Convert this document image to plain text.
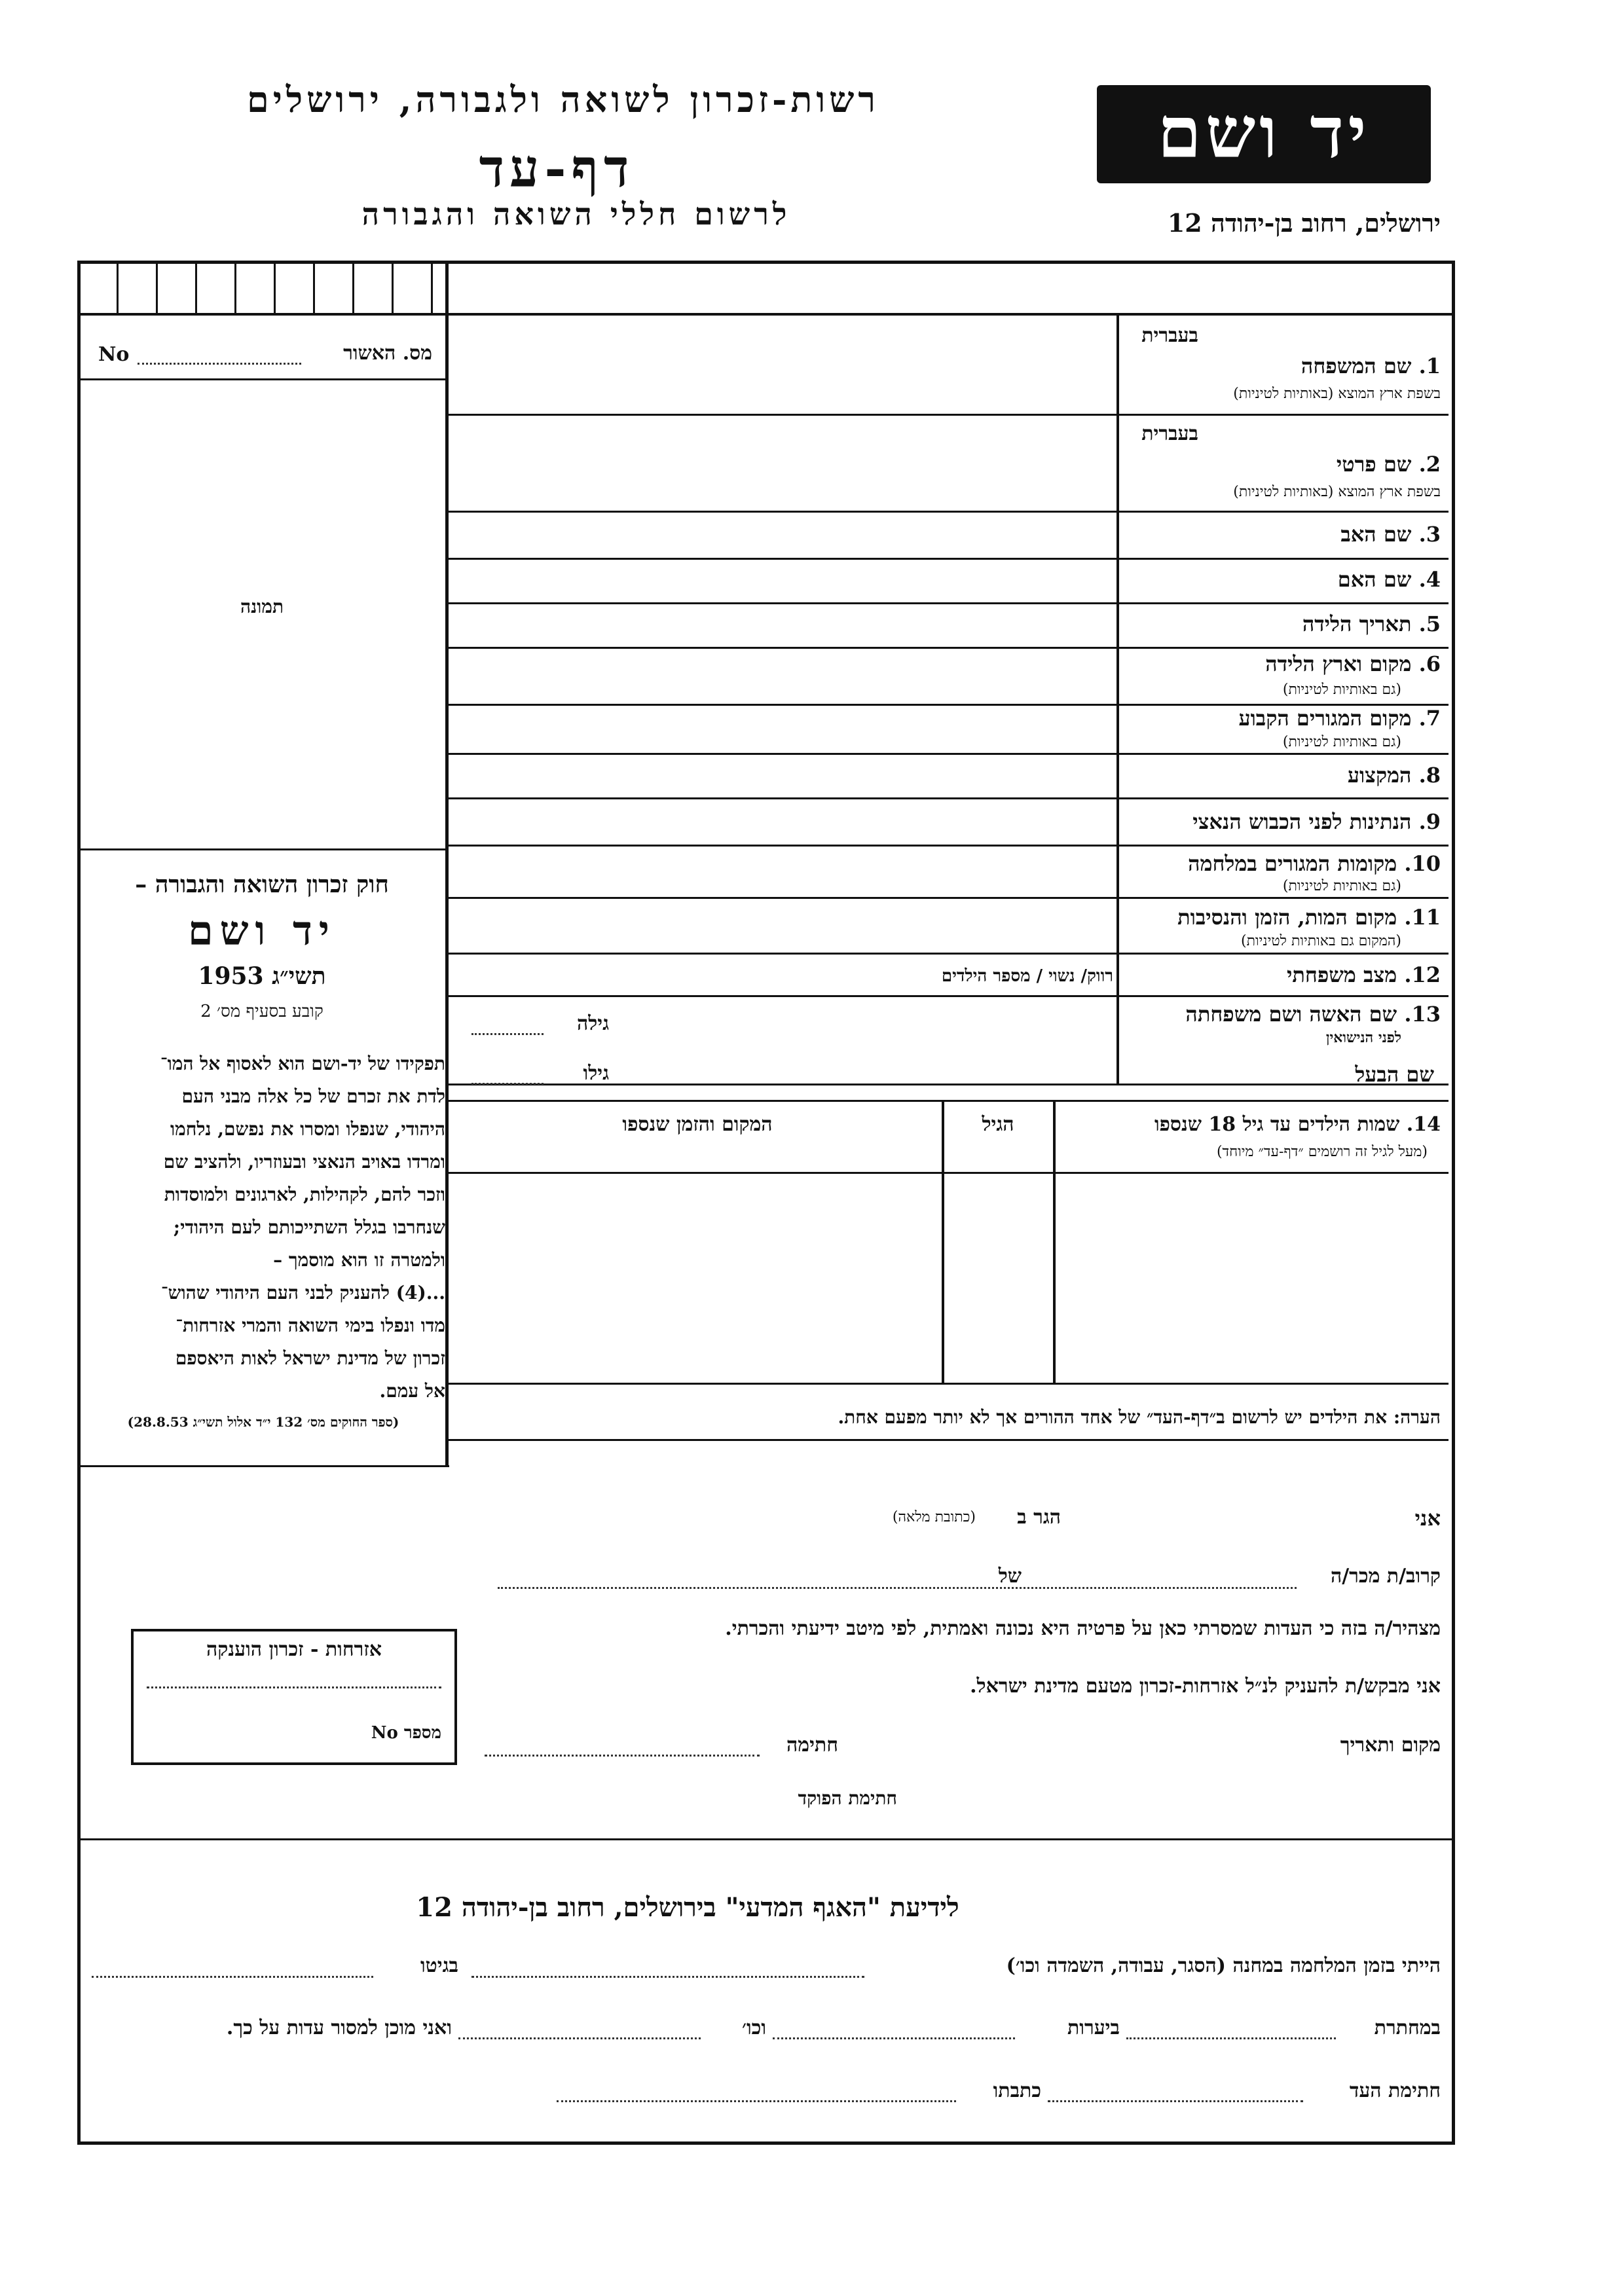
רשות-זכרון לשואה ולגבורה, ירושלים
דף-עד
לרשום חללי השואה והגבורה
יד ושם
ירושלים, רחוב בן-יהודה 12
No	מס. האשור
תמונה
חוק זכרון השואה והגבורה –
יד ושם
תשי״ג 1953
קובע בסעיף מס׳ 2
תפקידו של יד-ושם הוא לאסוף אל המו־
לדת את זכרם של כל אלה מבני העם
היהודי, שנפלו ומסרו את נפשם, נלחמו
ומרדו באויב הנאצי ובעוזריו, ולהציב שם
וזכר להם, לקהילות, לארגונים ולמוסדות
שנחרבו בגלל השתייכותם לעם היהודי;
ולמטרה זו הוא מוסמך –
...(4) להעניק לבני העם היהודי שהוש־
מדו ונפלו בימי השואה והמרי אזרחות־
זכרון של מדינת ישראל לאות היאספם
אל עמם.
(ספר החוקים מס׳ 132 י״ד אלול תשי״ג 28.8.53)
בעברית
1. שם המשפחה
בשפת ארץ המוצא (באותיות לטיניות)
בעברית
2. שם פרטי
בשפת ארץ המוצא (באותיות לטיניות)
3. שם האב
4. שם האם
5. תאריך הלידה
6. מקום וארץ הלידה
(גם באותיות לטיניות)
7. מקום המגורים הקבוע
(גם באותיות לטיניות)
8. המקצוע
9. הנתינות לפני הכבוש הנאצי
10. מקומות המגורים במלחמה
(גם באותיות לטיניות)
11. מקום המות, הזמן והנסיבות
(המקום גם באותיות לטיניות)
12. מצב משפחתי
רווק/ נשוי / מספר הילדים
13. שם האשה ושם משפחתה
לפני הנישואין
גילה
שם הבעל
גילו
14. שמות הילדים עד גיל 18 שנספו
(מעל לגיל זה רושמים ״דף-עד״ מיוחד)
הגיל
המקום והזמן שנספו
הערה: את הילדים יש לרשום ב״דף-העד״ של אחד ההורים אך לא יותר מפעם אחת.
אני
הגר ב
(כתובת מלאה)
קרוב/ת מכר/ה
של
מצהיר/ה בזה כי העדות שמסרתי כאן על פרטיה היא נכונה ואמתית, לפי מיטב ידיעתי והכרתי.
אני מבקש/ת להעניק לנ״ל אזרחות-זכרון מטעם מדינת ישראל.
מקום ותאריך
חתימה
אזרחות - זכרון הוענקה
מספר No
חתימת הפוקד
לידיעת "האגף המדעי" בירושלים, רחוב בן-יהודה 12
הייתי בזמן המלחמה במחנה (הסגר, עבודה, השמדה וכו׳)
בגיטו
במחתרת
ביערות
וכו׳
ואני מוכן למסור עדות על כך.
חתימת העד
כתבתו
